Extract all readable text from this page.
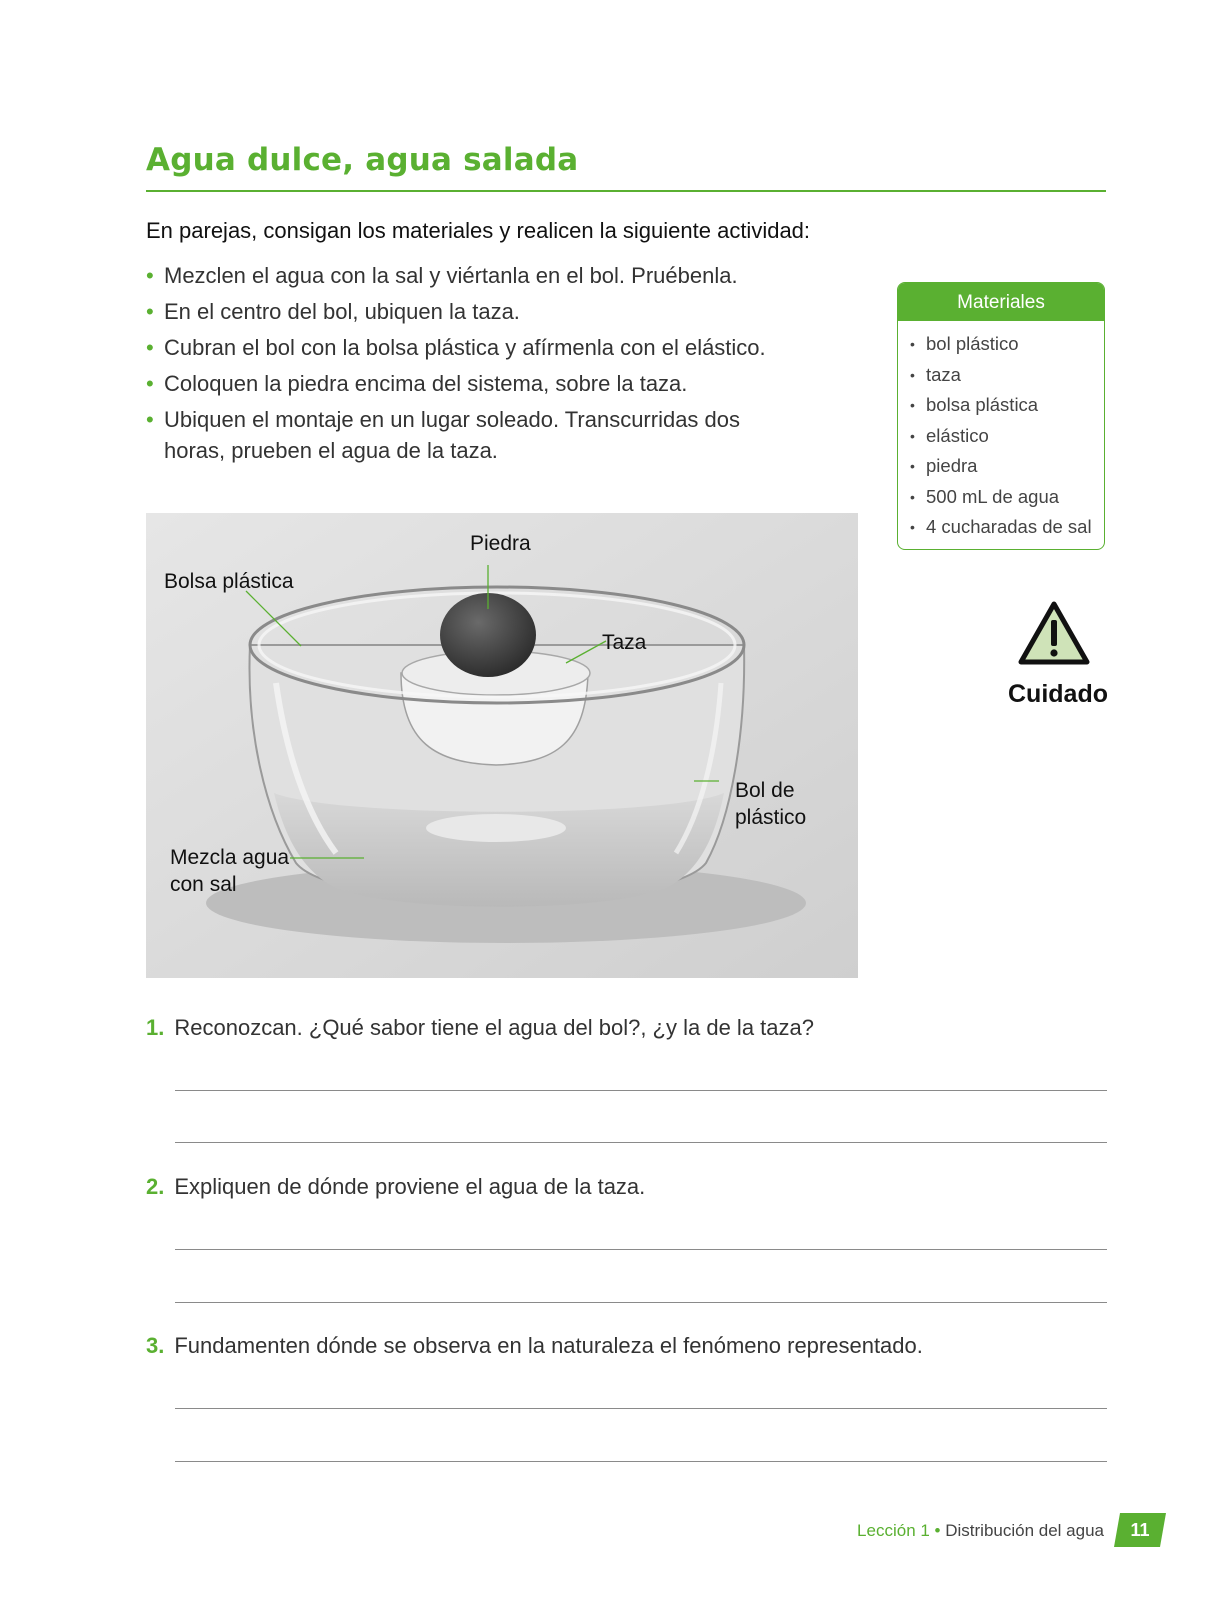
Agua dulce, agua salada
En parejas, consigan los materiales y realicen la siguiente actividad:
• Mezclen el agua con la sal y viértanla en el bol. Pruébenla.
• En el centro del bol, ubiquen la taza.
• Cubran el bol con la bolsa plástica y afírmenla con el elástico.
• Coloquen la piedra encima del sistema, sobre la taza.
• Ubiquen el montaje en un lugar soleado. Transcurridas dos horas, prueben el agua de la taza.
Materiales
• bol plástico
• taza
• bolsa plástica
• elástico
• piedra
• 500 mL de agua
• 4 cucharadas de sal
Cuidado
Piedra
Bolsa plástica
Taza
Bol de
plástico
Mezcla agua
con sal
1. Reconozcan. ¿Qué sabor tiene el agua del bol?, ¿y la de la taza?
2. Expliquen de dónde proviene el agua de la taza.
3. Fundamenten dónde se observa en la naturaleza el fenómeno representado.
Lección 1 • Distribución del agua	11
